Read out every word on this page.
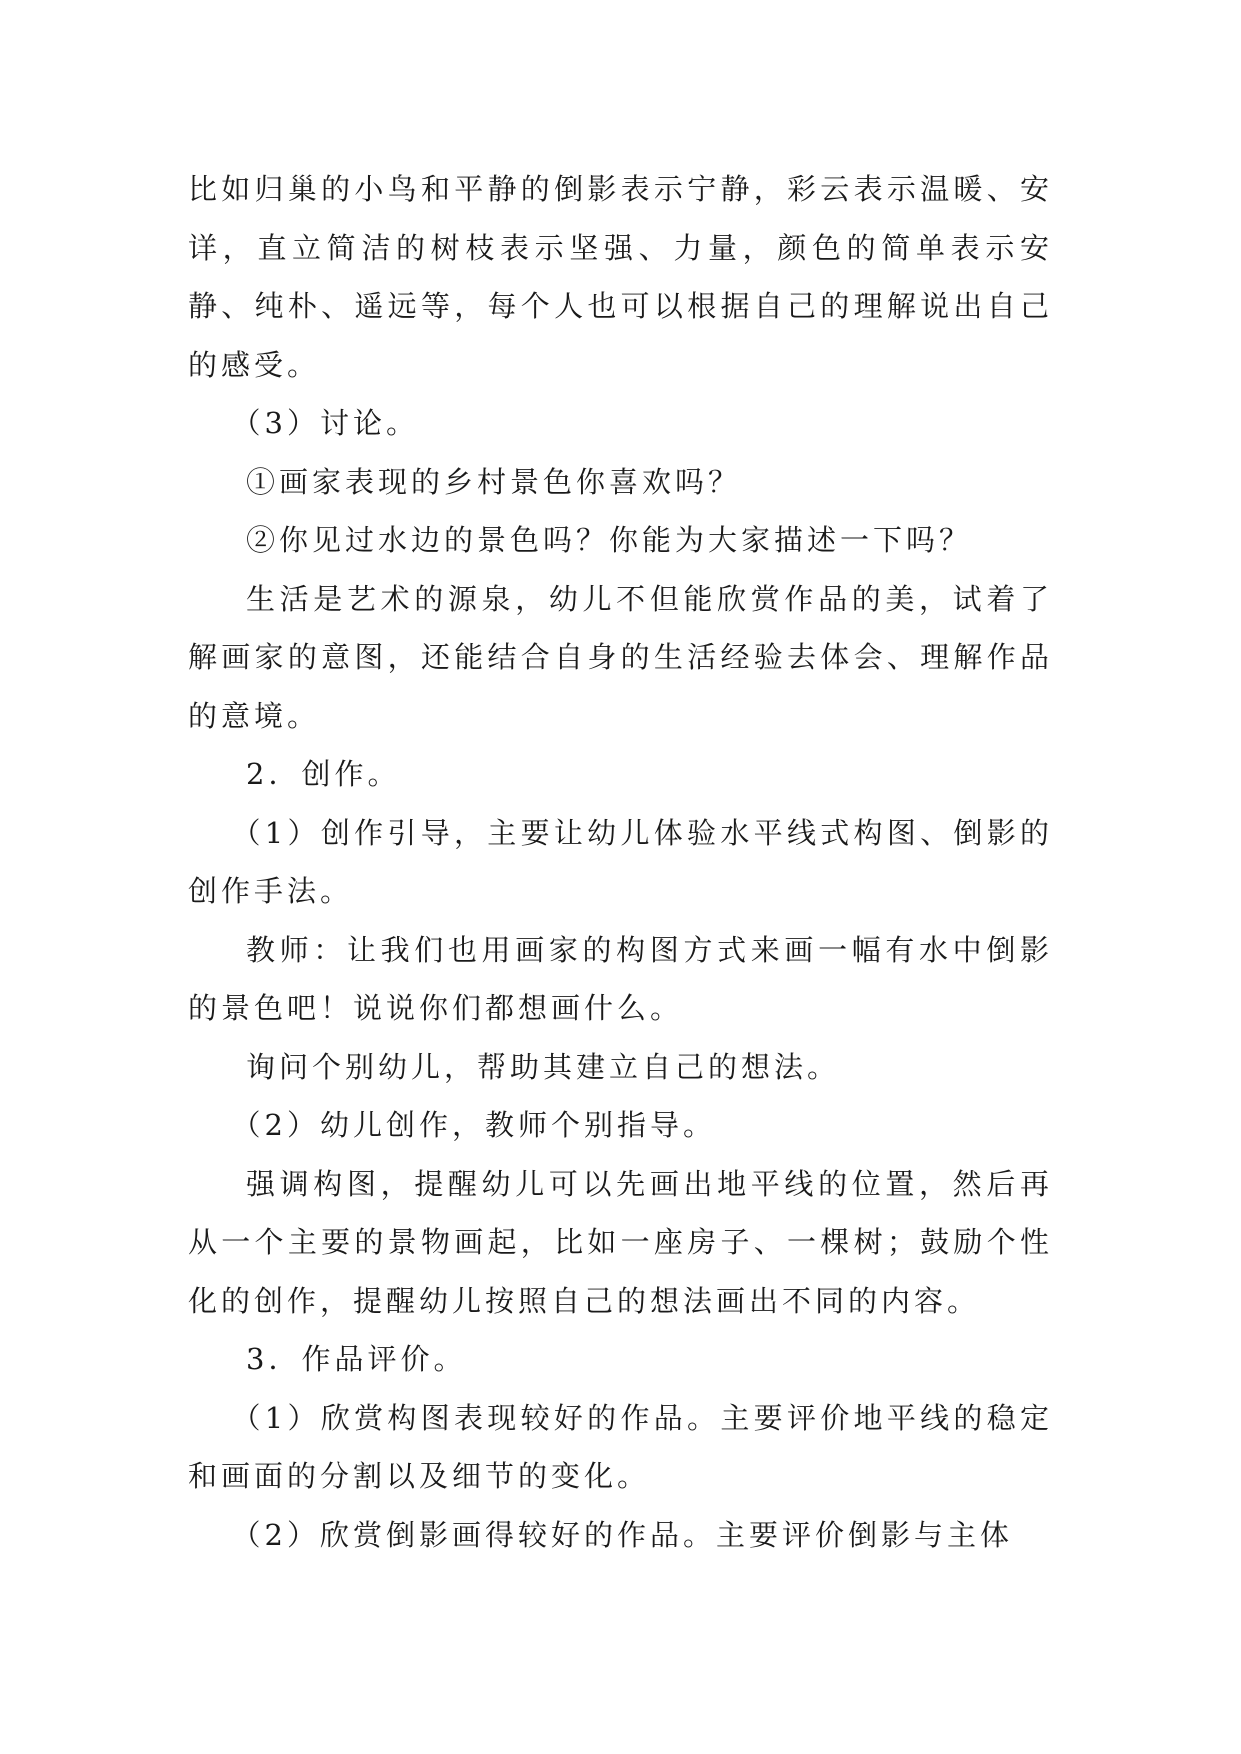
比如归巢的小鸟和平静的倒影表示宁静，彩云表示温暖、安详，直立简洁的树枝表示坚强、力量，颜色的简单表示安静、纯朴、遥远等，每个人也可以根据自己的理解说出自己的感受。

（3）讨论。

①画家表现的乡村景色你喜欢吗？

②你见过水边的景色吗？你能为大家描述一下吗？

生活是艺术的源泉，幼儿不但能欣赏作品的美，试着了解画家的意图，还能结合自身的生活经验去体会、理解作品的意境。

2．创作。

（1）创作引导，主要让幼儿体验水平线式构图、倒影的创作手法。

教师：让我们也用画家的构图方式来画一幅有水中倒影的景色吧！说说你们都想画什么。

询问个别幼儿，帮助其建立自己的想法。

（2）幼儿创作，教师个别指导。

强调构图，提醒幼儿可以先画出地平线的位置，然后再从一个主要的景物画起，比如一座房子、一棵树；鼓励个性化的创作，提醒幼儿按照自己的想法画出不同的内容。

3．作品评价。

（1）欣赏构图表现较好的作品。主要评价地平线的稳定和画面的分割以及细节的变化。

（2）欣赏倒影画得较好的作品。主要评价倒影与主体
